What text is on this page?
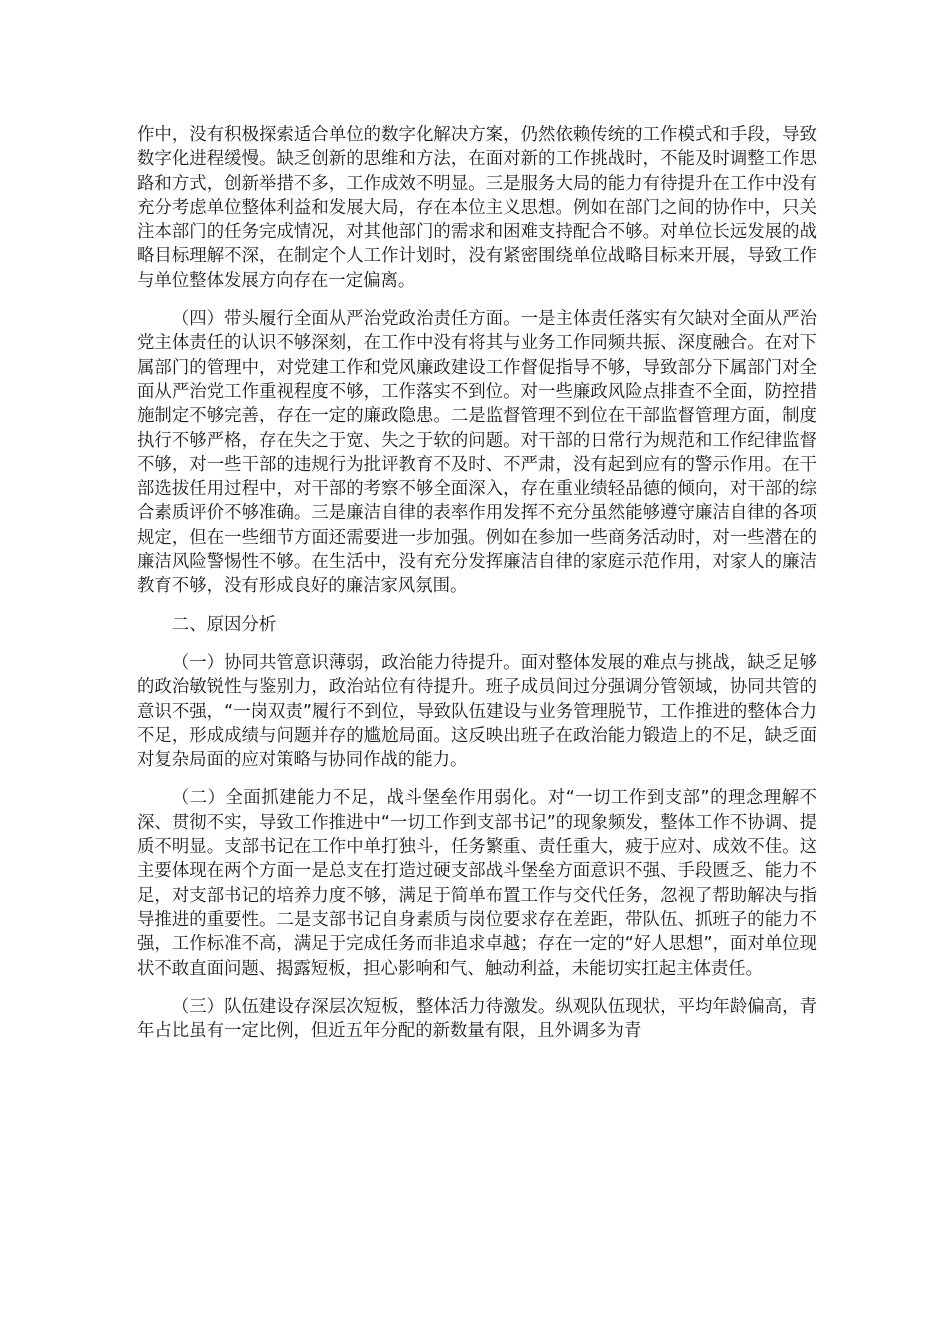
作中，没有积极探索适合单位的数字化解决方案，仍然依赖传统的工作模式和手段，导致数字化进程缓慢。缺乏创新的思维和方法，在面对新的工作挑战时，不能及时调整工作思路和方式，创新举措不多，工作成效不明显。三是服务大局的能力有待提升在工作中没有充分考虑单位整体利益和发展大局，存在本位主义思想。例如在部门之间的协作中，只关注本部门的任务完成情况，对其他部门的需求和困难支持配合不够。对单位长远发展的战略目标理解不深，在制定个人工作计划时，没有紧密围绕单位战略目标来开展，导致工作与单位整体发展方向存在一定偏离。

（四）带头履行全面从严治党政治责任方面。一是主体责任落实有欠缺对全面从严治党主体责任的认识不够深刻，在工作中没有将其与业务工作同频共振、深度融合。在对下属部门的管理中，对党建工作和党风廉政建设工作督促指导不够，导致部分下属部门对全面从严治党工作重视程度不够，工作落实不到位。对一些廉政风险点排查不全面，防控措施制定不够完善，存在一定的廉政隐患。二是监督管理不到位在干部监督管理方面，制度执行不够严格，存在失之于宽、失之于软的问题。对干部的日常行为规范和工作纪律监督不够，对一些干部的违规行为批评教育不及时、不严肃，没有起到应有的警示作用。在干部选拔任用过程中，对干部的考察不够全面深入，存在重业绩轻品德的倾向，对干部的综合素质评价不够准确。三是廉洁自律的表率作用发挥不充分虽然能够遵守廉洁自律的各项规定，但在一些细节方面还需要进一步加强。例如在参加一些商务活动时，对一些潜在的廉洁风险警惕性不够。在生活中，没有充分发挥廉洁自律的家庭示范作用，对家人的廉洁教育不够，没有形成良好的廉洁家风氛围。

二、原因分析

（一）协同共管意识薄弱，政治能力待提升。面对整体发展的难点与挑战，缺乏足够的政治敏锐性与鉴别力，政治站位有待提升。班子成员间过分强调分管领域，协同共管的意识不强，“一岗双责”履行不到位，导致队伍建设与业务管理脱节，工作推进的整体合力不足，形成成绩与问题并存的尴尬局面。这反映出班子在政治能力锻造上的不足，缺乏面对复杂局面的应对策略与协同作战的能力。

（二）全面抓建能力不足，战斗堡垒作用弱化。对“一切工作到支部”的理念理解不深、贯彻不实，导致工作推进中“一切工作到支部书记”的现象频发，整体工作不协调、提质不明显。支部书记在工作中单打独斗，任务繁重、责任重大，疲于应对、成效不佳。这主要体现在两个方面一是总支在打造过硬支部战斗堡垒方面意识不强、手段匮乏、能力不足，对支部书记的培养力度不够，满足于简单布置工作与交代任务，忽视了帮助解决与指导推进的重要性。二是支部书记自身素质与岗位要求存在差距，带队伍、抓班子的能力不强，工作标准不高，满足于完成任务而非追求卓越；存在一定的“好人思想”，面对单位现状不敢直面问题、揭露短板，担心影响和气、触动利益，未能切实扛起主体责任。

（三）队伍建设存深层次短板，整体活力待激发。纵观队伍现状，平均年龄偏高，青年占比虽有一定比例，但近五年分配的新数量有限，且外调多为青
